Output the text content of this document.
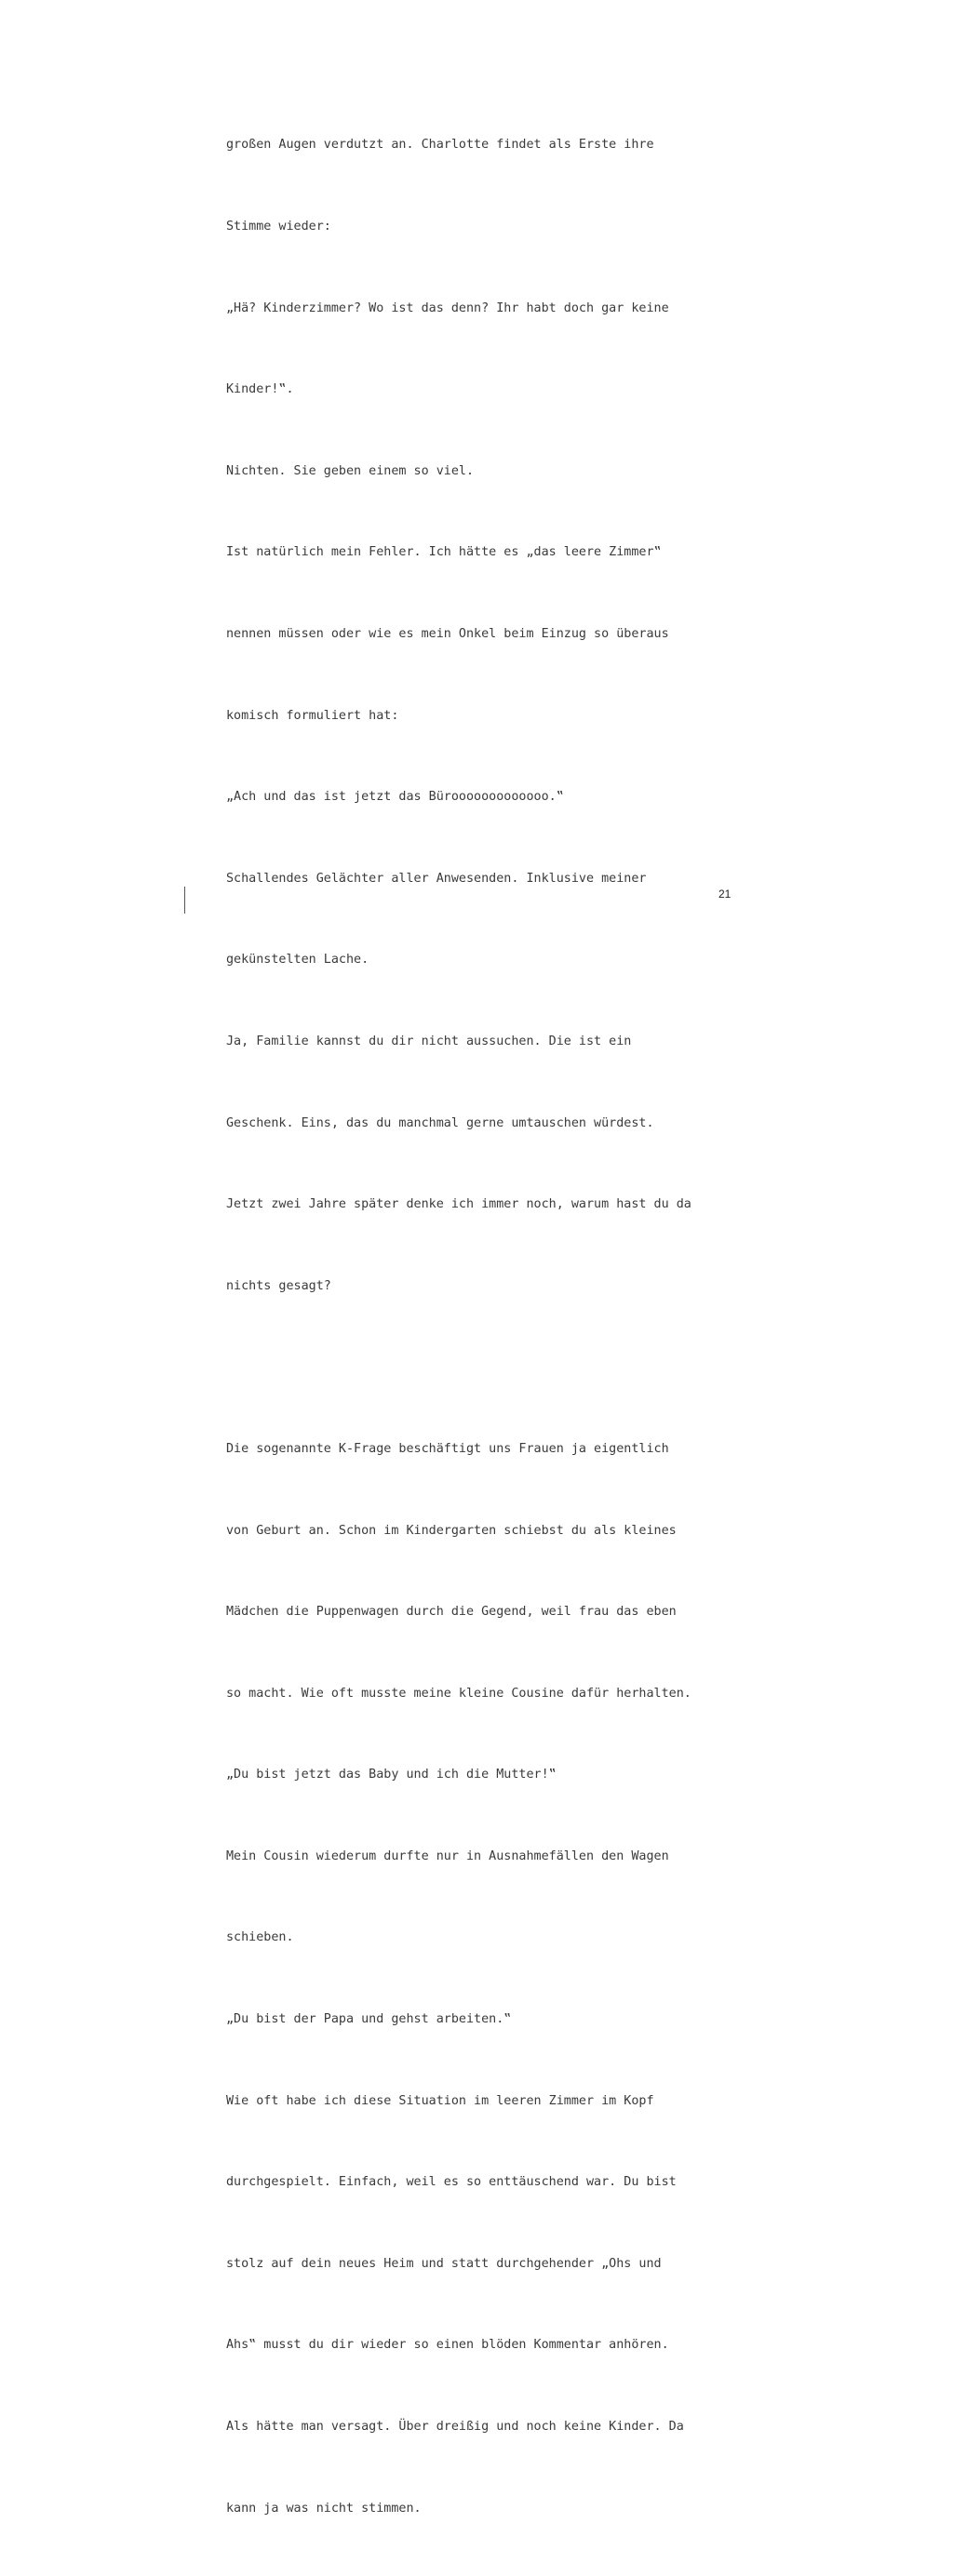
großen Augen verdutzt an. Charlotte findet als Erste ihre

Stimme wieder:

„Hä? Kinderzimmer? Wo ist das denn? Ihr habt doch gar keine

Kinder!‟.

Nichten. Sie geben einem so viel.

Ist natürlich mein Fehler. Ich hätte es „das leere Zimmer‟

nennen müssen oder wie es mein Onkel beim Einzug so überaus

komisch formuliert hat:

„Ach und das ist jetzt das Bürooooooooooooo.‟

Schallendes Gelächter aller Anwesenden. Inklusive meiner

gekünstelten Lache.

Ja, Familie kannst du dir nicht aussuchen. Die ist ein

Geschenk. Eins, das du manchmal gerne umtauschen würdest.

Jetzt zwei Jahre später denke ich immer noch, warum hast du da

nichts gesagt?

Die sogenannte K-Frage beschäftigt uns Frauen ja eigentlich

von Geburt an. Schon im Kindergarten schiebst du als kleines

Mädchen die Puppenwagen durch die Gegend, weil frau das eben

so macht. Wie oft musste meine kleine Cousine dafür herhalten.

„Du bist jetzt das Baby und ich die Mutter!‟

Mein Cousin wiederum durfte nur in Ausnahmefällen den Wagen

schieben.

„Du bist der Papa und gehst arbeiten.‟

Wie oft habe ich diese Situation im leeren Zimmer im Kopf

durchgespielt. Einfach, weil es so enttäuschend war. Du bist

stolz auf dein neues Heim und statt durchgehender „Ohs und

Ahs‟ musst du dir wieder so einen blöden Kommentar anhören.

Als hätte man versagt. Über dreißig und noch keine Kinder. Da

kann ja was nicht stimmen.

21
